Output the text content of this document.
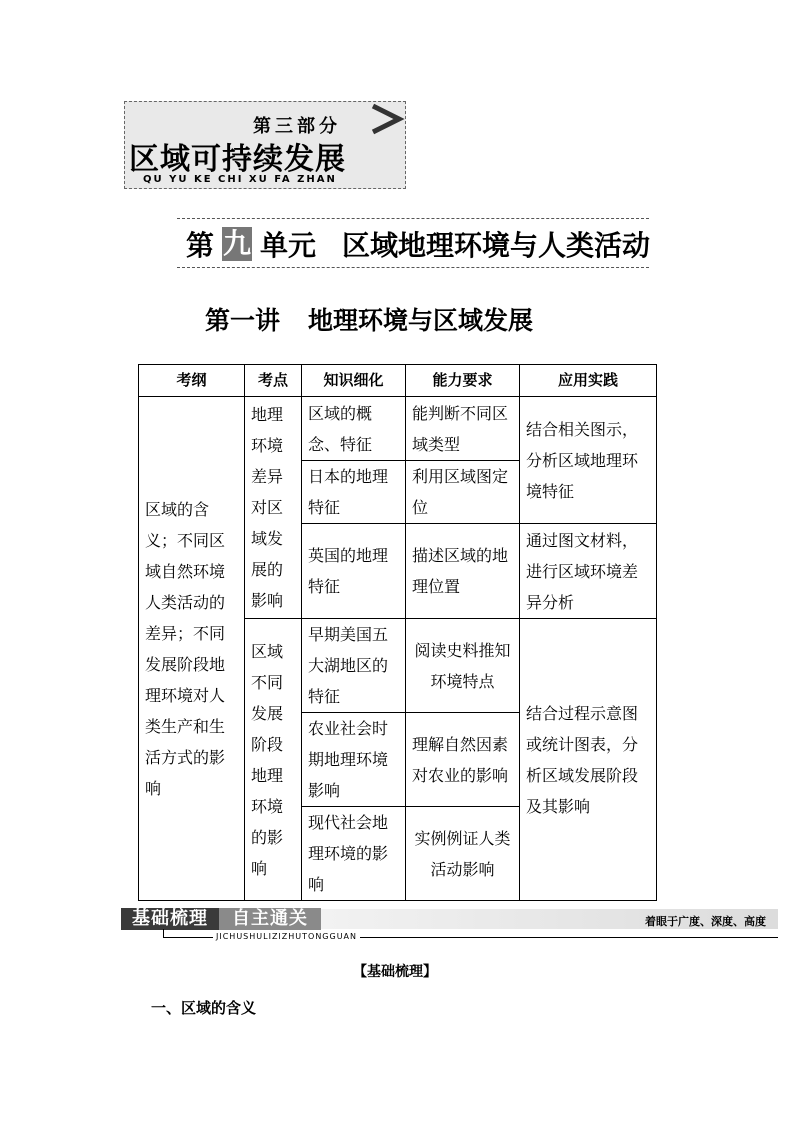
第三部分
区域可持续发展
QU YU KE CHI XU FA ZHAN
第 九 单元 区域地理环境与人类活动
第一讲 地理环境与区域发展
考纲	考点	知识细化	能力要求	应用实践
区域的含义；不同区域自然环境人类活动的差异；不同发展阶段地理环境对人类生产和生活方式的影响	地理环境差异对区域发展的影响	区域的概念、特征	能判断不同区域类型	结合相关图示，分析区域地理环境特征
		日本的地理特征	利用区域图定位	
		英国的地理特征	描述区域的地理位置	通过图文材料，进行区域环境差异分析
	区域不同发展阶段地理环境的影响	早期美国五大湖地区的特征	阅读史料推知环境特点	结合过程示意图或统计图表，分析区域发展阶段及其影响
		农业社会时期地理环境影响	理解自然因素对农业的影响	
		现代社会地理环境的影响	实例例证人类活动影响	
基础梳理	自主通关	着眼于广度、深度、高度
JICHUSHULIZIZHUTONGGUAN
【基础梳理】
一、区域的含义
